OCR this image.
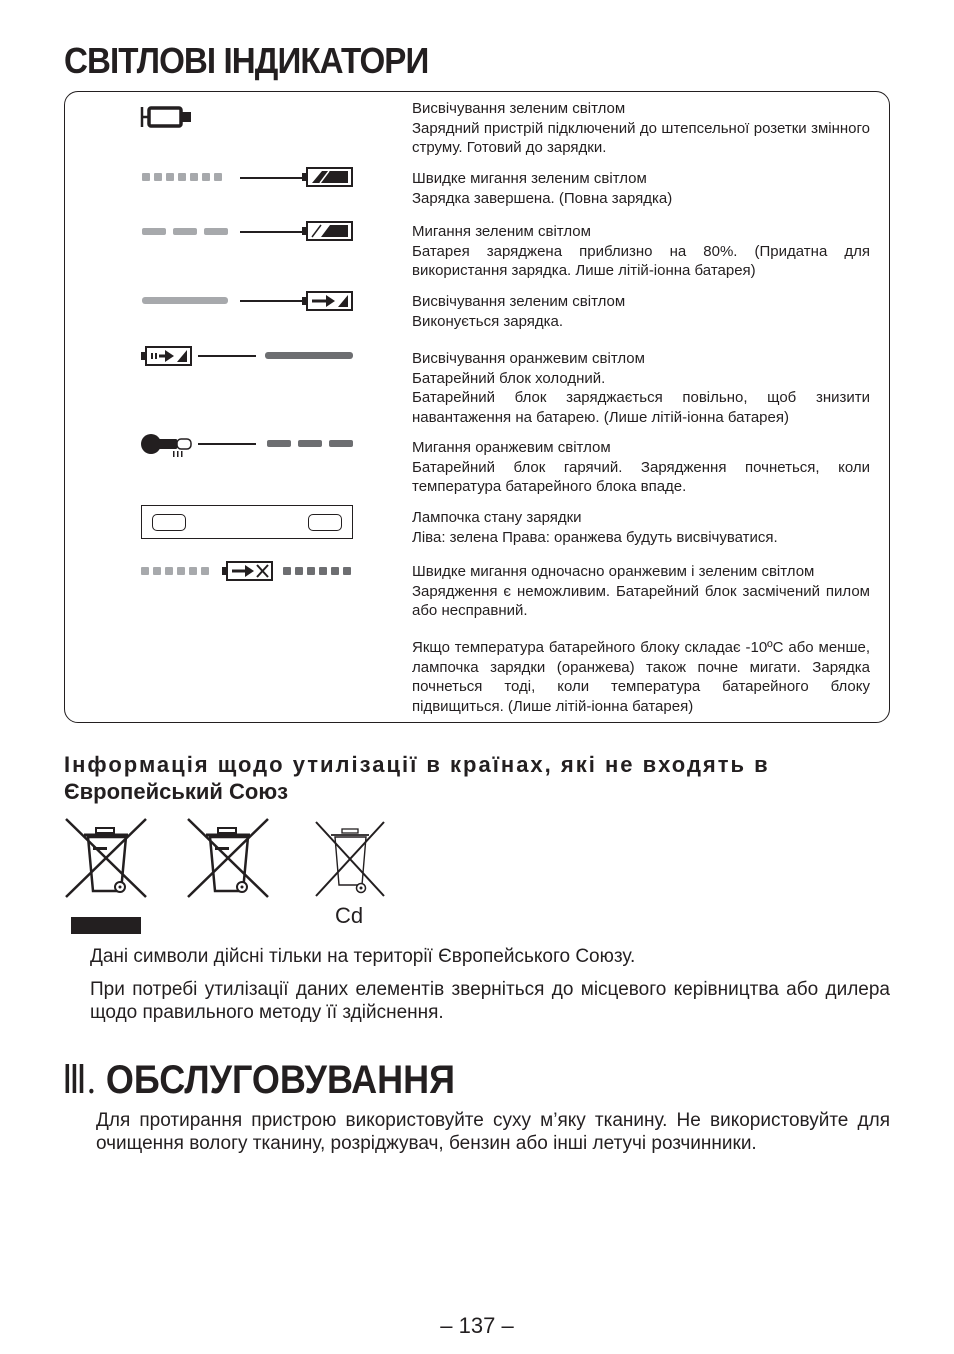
СВІТЛОВІ ІНДИКАТОРИ
Висвічування зеленим світлом
Зарядний пристрій підключений до штепсельної розетки змінного струму. Готовий до зарядки.
Швидке мигання зеленим світлом
Зарядка завершена. (Повна зарядка)
Мигання зеленим світлом
Батарея заряджена приблизно на 80%. (Придатна для використання зарядка. Лише літій-іонна батарея)
Висвічування зеленим світлом
Виконується зарядка.
Висвічування оранжевим світлом
Батарейний блок холодний.
Батарейний блок заряджається повільно, щоб знизити навантаження на батарею. (Лише літій-іонна батарея)
Мигання оранжевим світлом
Батарейний блок гарячий. Зарядження почнеться, коли температура батарейного блока впаде.
Лампочка стану зарядки
Ліва: зелена Права: оранжева будуть висвічуватися.
Швидке мигання одночасно оранжевим і зеленим світлом
Зарядження є неможливим. Батарейний блок засмічений пилом або несправний.
Якщо температура батарейного блоку складає -10ºC або менше, лампочка зарядки (оранжева) також почне мигати. Зарядка почнеться тоді, коли температура батарейного блоку підвищиться. (Лише літій-іонна батарея)
Інформація щодо утилізації в країнах, які не входять в
Європейський Союз
Cd
Дані символи дійсні тільки на території Європейського Союзу.
При потребі утилізації даних елементів зверніться до місцевого керівництва або дилера щодо правильного методу її здійснення.
Ⅲ. ОБСЛУГОВУВАННЯ
Для протирання пристрою використовуйте суху м’яку тканину. Не використовуйте для очищення вологу тканину, розріджувач, бензин або інші летучі розчинники.
– 137 –
